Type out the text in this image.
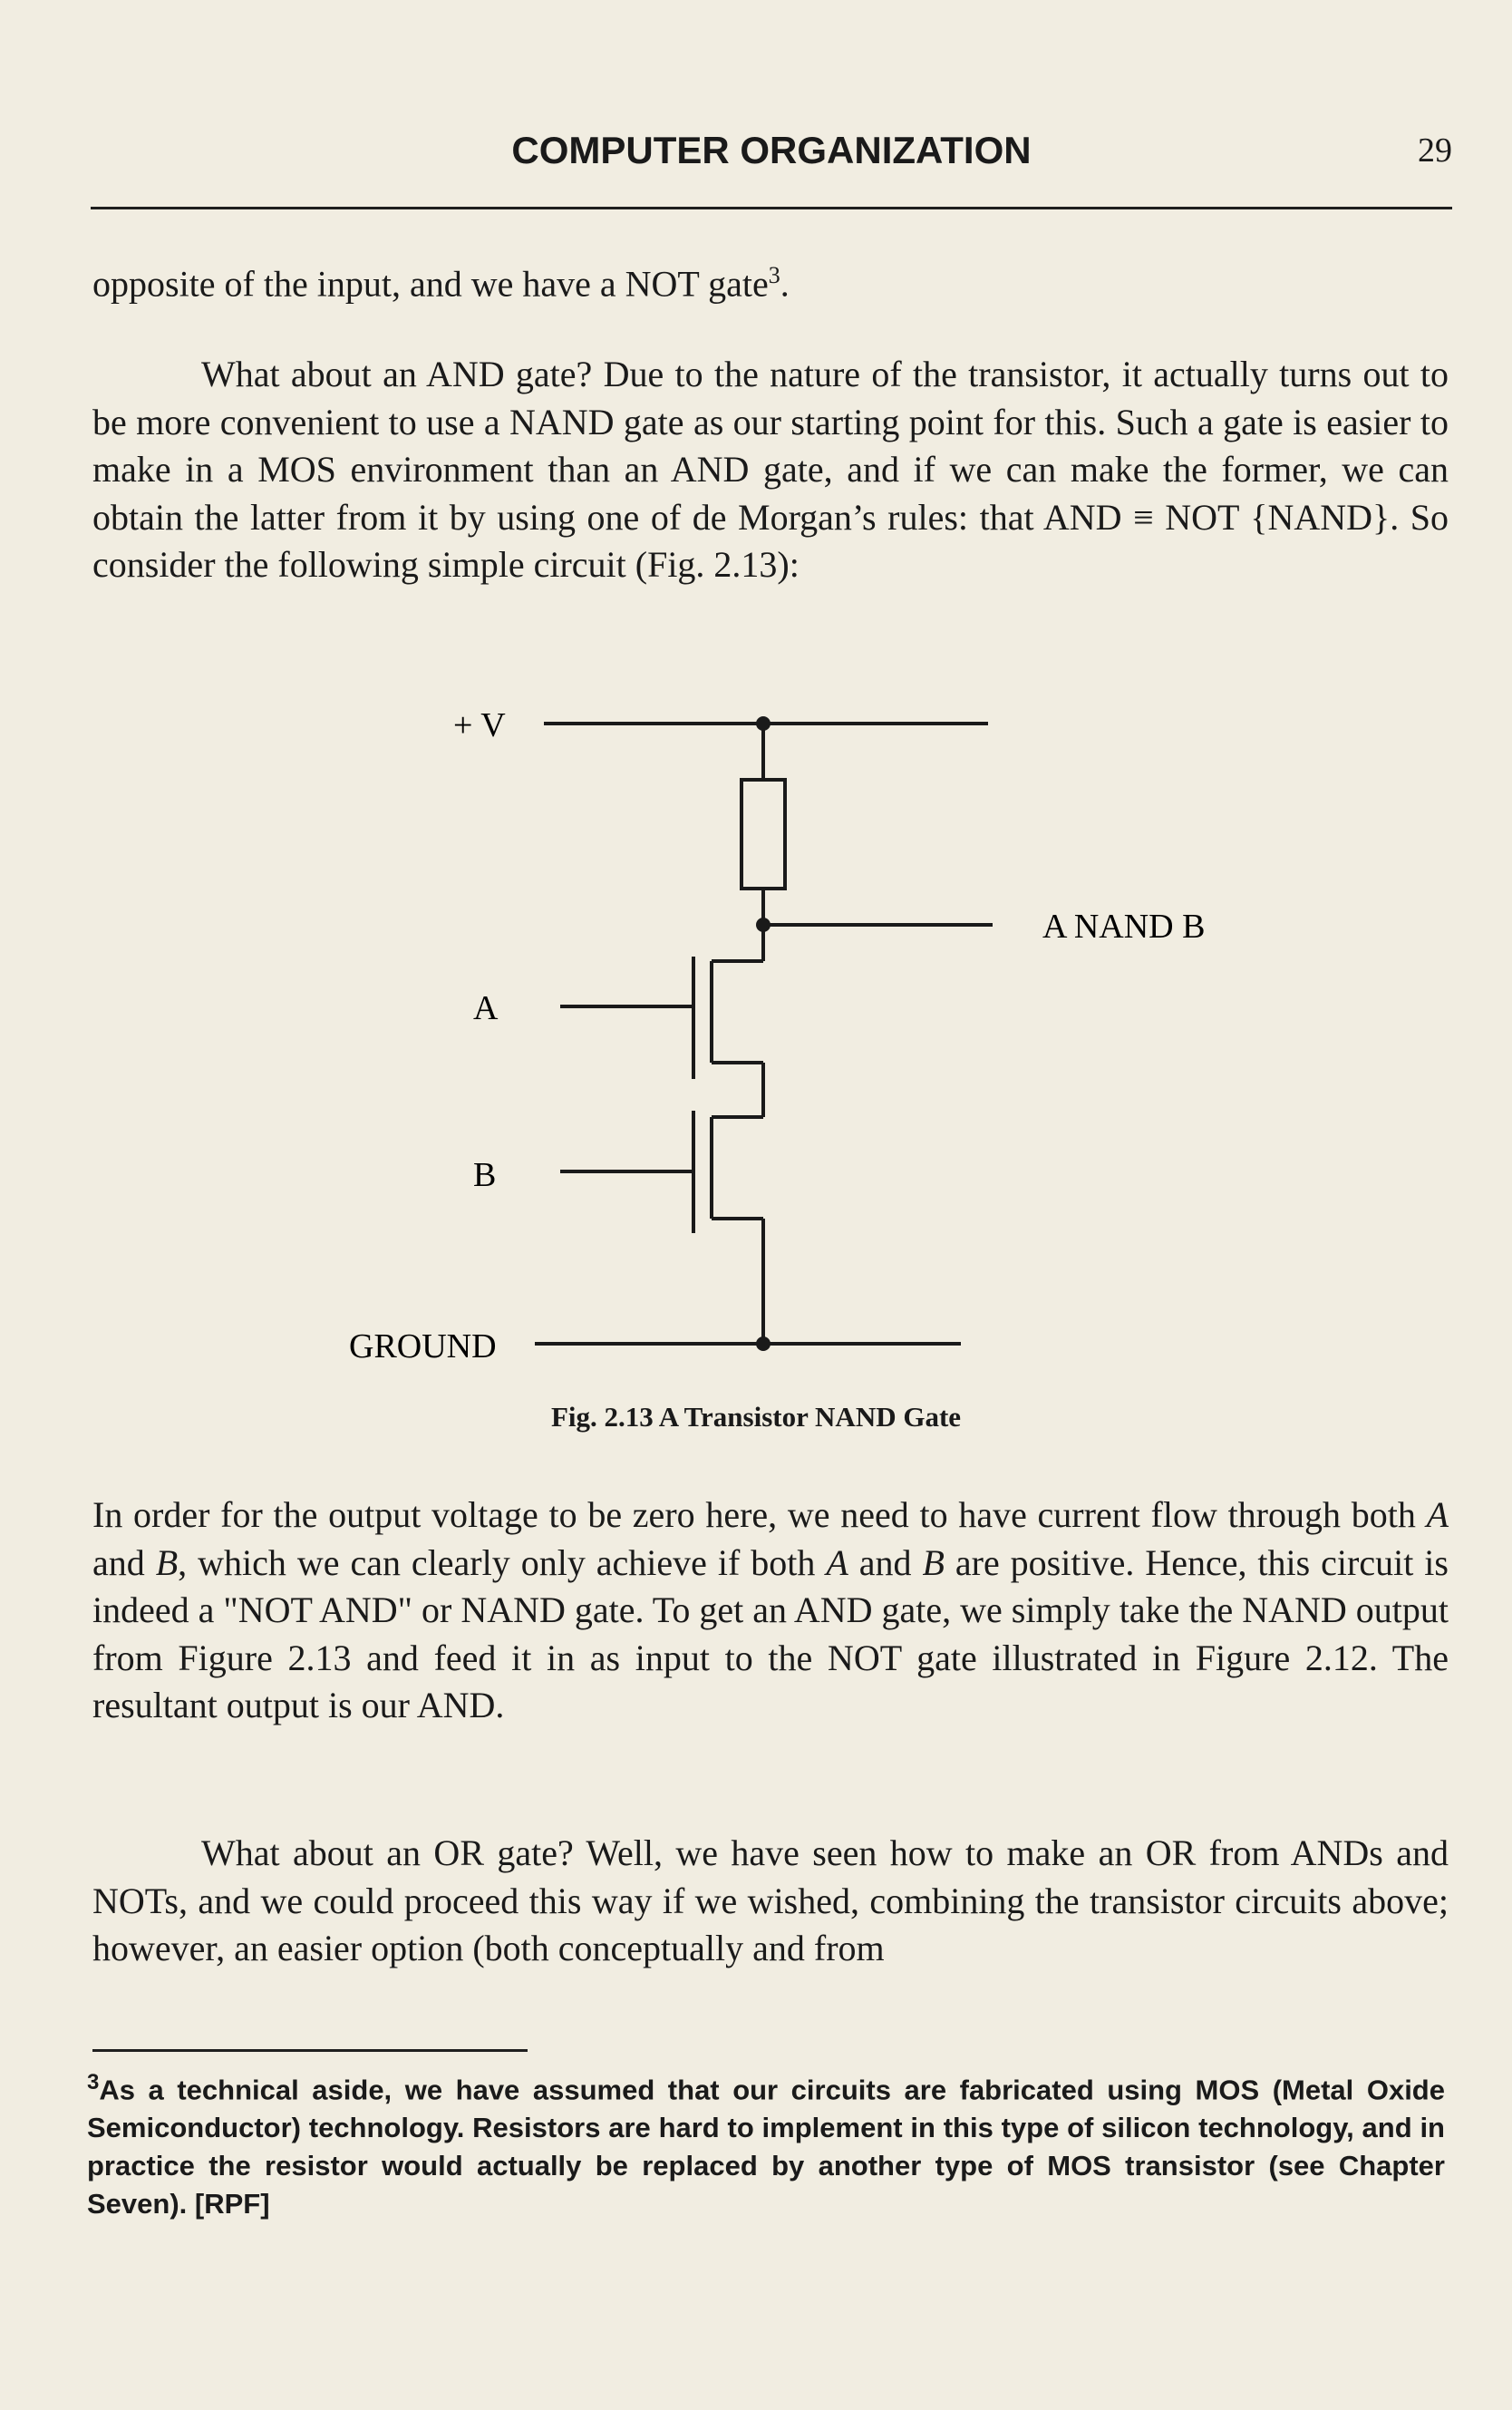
COMPUTER ORGANIZATION	29

opposite of the input, and we have a NOT gate$^3$.

What about an AND gate? Due to the nature of the transistor, it actually turns out to be more convenient to use a NAND gate as our starting point for this. Such a gate is easier to make in a MOS environment than an AND gate, and if we can make the former, we can obtain the latter from it by using one of de Morgan’s rules: that AND ≡ NOT {NAND}. So consider the following simple circuit (Fig. 2.13):

+ V
A NAND B
A
B
GROUND
Fig. 2.13 A Transistor NAND Gate

In order for the output voltage to be zero here, we need to have current flow through both A and B, which we can clearly only achieve if both A and B are positive. Hence, this circuit is indeed a "NOT AND" or NAND gate. To get an AND gate, we simply take the NAND output from Figure 2.13 and feed it in as input to the NOT gate illustrated in Figure 2.12. The resultant output is our AND.

What about an OR gate? Well, we have seen how to make an OR from ANDs and NOTs, and we could proceed this way if we wished, combining the transistor circuits above; however, an easier option (both conceptually and from

$^3$As a technical aside, we have assumed that our circuits are fabricated using MOS (Metal Oxide Semiconductor) technology. Resistors are hard to implement in this type of silicon technology, and in practice the resistor would actually be replaced by another type of MOS transistor (see Chapter Seven). [RPF]
